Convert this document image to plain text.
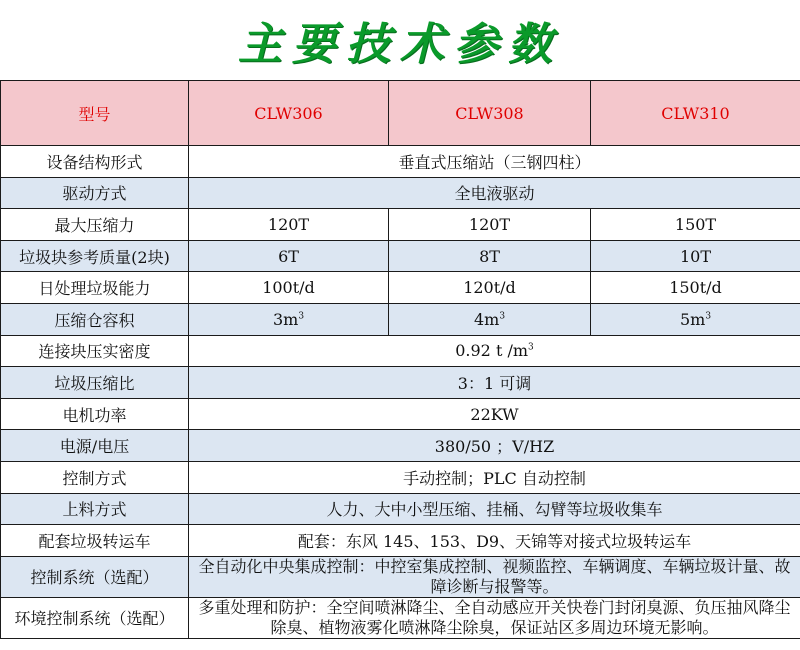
主要技术参数
型号	CLW306	CLW308	CLW310
设备结构形式	垂直式压缩站（三钢四柱）		
驱动方式	全电液驱动		
最大压缩力	120T	120T	150T
垃圾块参考质量(2块)	6T	8T	10T
日处理垃圾能力	100t/d	120t/d	150t/d
压缩仓容积	$3m^3$	$4m^3$	$5m^3$
连接块压实密度	0.92 t $/m^3$
垃圾压缩比	3：1 可调		
电机功率	22KW		
电源/电压	380/50 ；V/HZ		
控制方式	手动控制；PLC 自动控制		
上料方式	人力、大中小型压缩、挂桶、勾臂等垃圾收集车		
配套垃圾转运车	配套：东风 145、153、D9、天锦等对接式垃圾转运车		
控制系统（选配）	全自动化中央集成控制：中控室集成控制、视频监控、车辆调度、车辆垃圾计量、故障诊断与报警等。		
环境控制系统（选配）	多重处理和防护：全空间喷淋降尘、全自动感应开关快卷门封闭臭源、负压抽风降尘除臭、植物液雾化喷淋降尘除臭，保证站区多周边环境无影响。		
